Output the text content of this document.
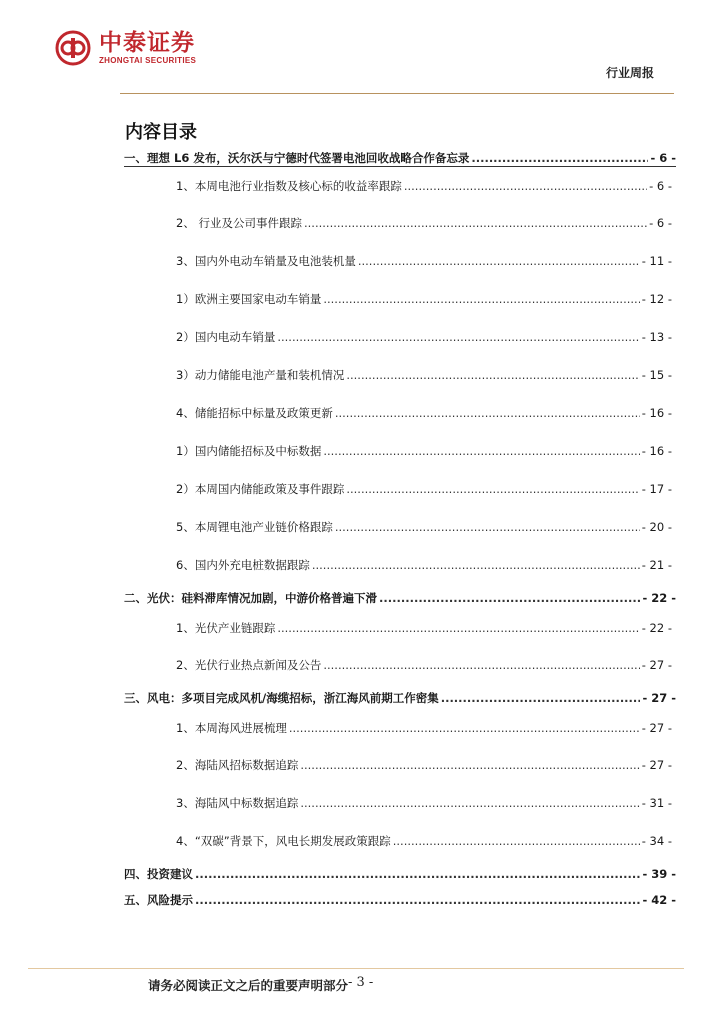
中泰证券
ZHONGTAI SECURITIES
行业周报
内容目录
一、理想 L6 发布，沃尔沃与宁德时代签署电池回收战略合作备忘录 .....	- 6 -
1、本周电池行业指数及核心标的收益率跟踪 .....	- 6 -
2、 行业及公司事件跟踪 .....	- 6 -
3、国内外电动车销量及电池装机量 .....	- 11 -
1）欧洲主要国家电动车销量 .....	- 12 -
2）国内电动车销量 .....	- 13 -
3）动力储能电池产量和装机情况 .....	- 15 -
4、储能招标中标量及政策更新 .....	- 16 -
1）国内储能招标及中标数据 .....	- 16 -
2）本周国内储能政策及事件跟踪 .....	- 17 -
5、本周锂电池产业链价格跟踪 .....	- 20 -
6、国内外充电桩数据跟踪 .....	- 21 -
二、光伏：硅料滞库情况加剧，中游价格普遍下滑 .....	- 22 -
1、光伏产业链跟踪 .....	- 22 -
2、光伏行业热点新闻及公告 .....	- 27 -
三、风电：多项目完成风机/海缆招标，浙江海风前期工作密集 .....	- 27 -
1、本周海风进展梳理 .....	- 27 -
2、海陆风招标数据追踪 .....	- 27 -
3、海陆风中标数据追踪 .....	- 31 -
4、“双碳”背景下，风电长期发展政策跟踪 .....	- 34 -
四、投资建议 .....	- 39 -
五、风险提示 .....	- 42 -
请务必阅读正文之后的重要声明部分 - 3 -
